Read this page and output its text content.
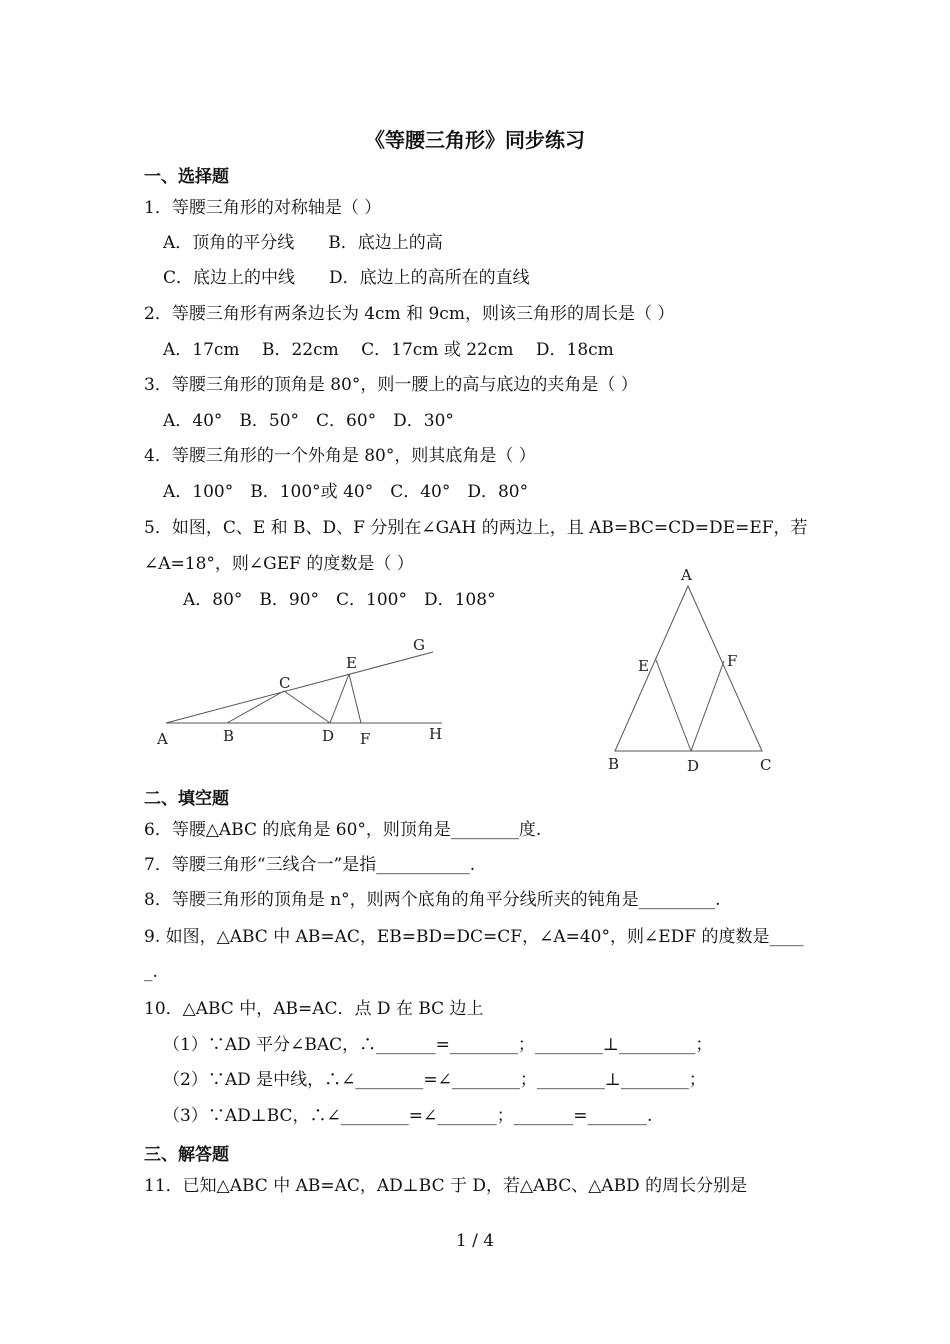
《等腰三角形》同步练习
一、选择题
1．等腰三角形的对称轴是（ ）
A．顶角的平分线　　B．底边上的高
C．底边上的中线　　D．底边上的高所在的直线
2．等腰三角形有两条边长为 4cm 和 9cm，则该三角形的周长是（ ）
A．17cm　 B．22cm　 C．17cm 或 22cm　 D．18cm
3．等腰三角形的顶角是 80°，则一腰上的高与底边的夹角是（ ）
A．40°　B．50°　C．60°　D．30°
4．等腰三角形的一个外角是 80°，则其底角是（ ）
A．100°　B．100°或 40°　C．40°　D．80°
5．如图，C、E 和 B、D、F 分别在∠GAH 的两边上，且 AB=BC=CD=DE=EF，若
∠A=18°，则∠GEF 的度数是（ ）
A．80°　B．90°　C．100°　D．108°
A	B
C
D
E
F
G
H
A
B	C
D
E	F
二、填空题
6．等腰△ABC 的底角是 60°，则顶角是________度.
7．等腰三角形“三线合一”是指___________.
8．等腰三角形的顶角是 n°，则两个底角的角平分线所夹的钝角是_________.
9. 如图，△ABC 中 AB=AC，EB=BD=DC=CF，∠A=40°，则∠EDF 的度数是____
_.
10．△ABC 中，AB=AC．点 D 在 BC 边上
（1）∵AD 平分∠BAC，∴_______=________；________⊥_________；
（2）∵AD 是中线，∴∠________=∠________；________⊥________；
（3）∵AD⊥BC，∴∠________=∠_______；_______=_______.
三、解答题
11．已知△ABC 中 AB=AC，AD⊥BC 于 D，若△ABC、△ABD 的周长分别是
1 / 4
